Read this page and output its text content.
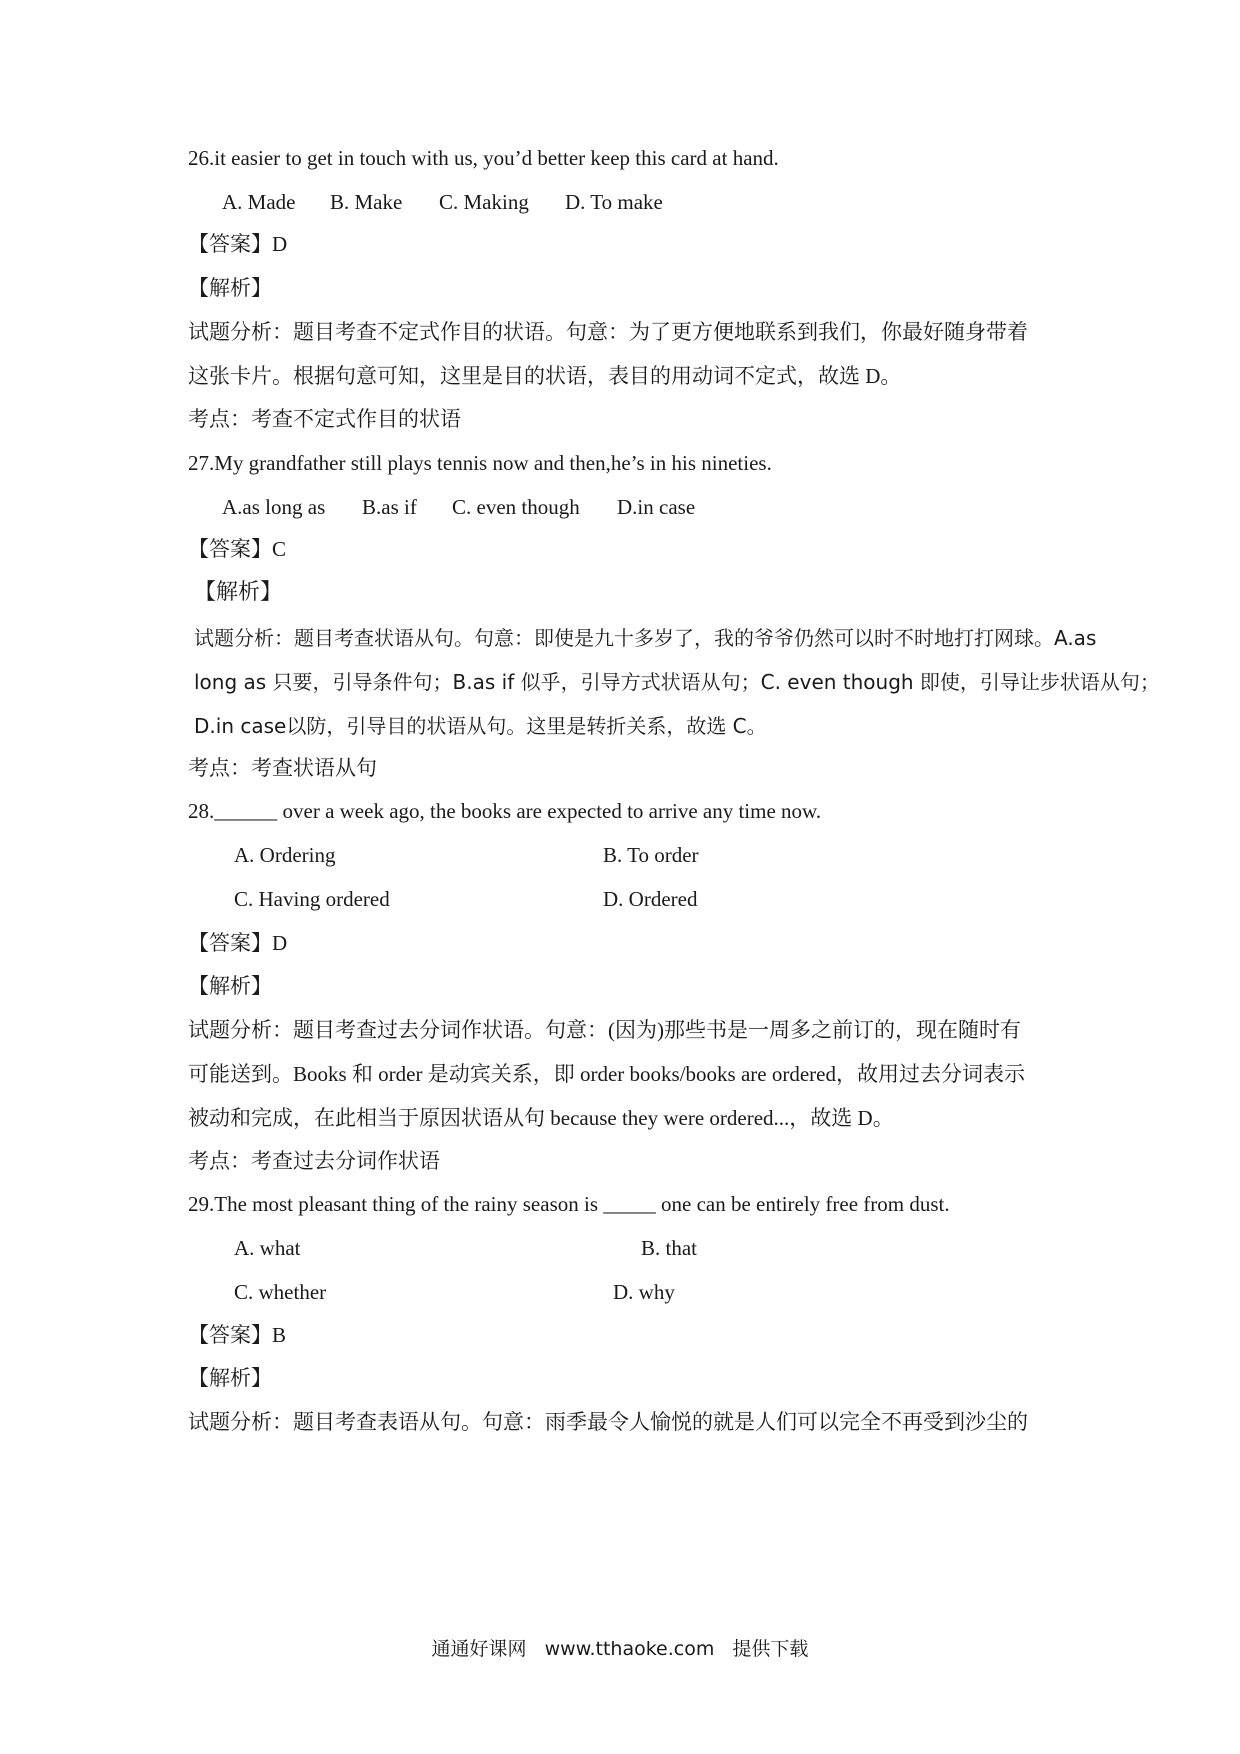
26.it easier to get in touch with us, you’d better keep this card at hand.
A. Made B. Make C. Making D. To make
【答案】D
【解析】
试题分析：题目考查不定式作目的状语。句意：为了更方便地联系到我们，你最好随身带着
这张卡片。根据句意可知，这里是目的状语，表目的用动词不定式，故选 D。
考点：考查不定式作目的状语
27.My grandfather still plays tennis now and then,he’s in his nineties.
A.as long as B.as if C. even though D.in case
【答案】C
【解析】
试题分析：题目考查状语从句。句意：即使是九十多岁了，我的爷爷仍然可以时不时地打打网球。A.as
long as 只要，引导条件句；B.as if 似乎，引导方式状语从句；C. even though 即使，引导让步状语从句；
D.in case以防，引导目的状语从句。这里是转折关系，故选 C。
考点：考查状语从句
28.______ over a week ago, the books are expected to arrive any time now.
A. Ordering	B. To order
C. Having ordered	D. Ordered
【答案】D
【解析】
试题分析：题目考查过去分词作状语。句意：(因为)那些书是一周多之前订的，现在随时有
可能送到。Books 和 order 是动宾关系，即 order books/books are ordered，故用过去分词表示
被动和完成，在此相当于原因状语从句 because they were ordered...，故选 D。
考点：考查过去分词作状语
29.The most pleasant thing of the rainy season is _____ one can be entirely free from dust.
A. what	B. that
C. whether	D. why
【答案】B
【解析】
试题分析：题目考查表语从句。句意：雨季最令人愉悦的就是人们可以完全不再受到沙尘的
通通好课网 www.tthaoke.com 提供下载
